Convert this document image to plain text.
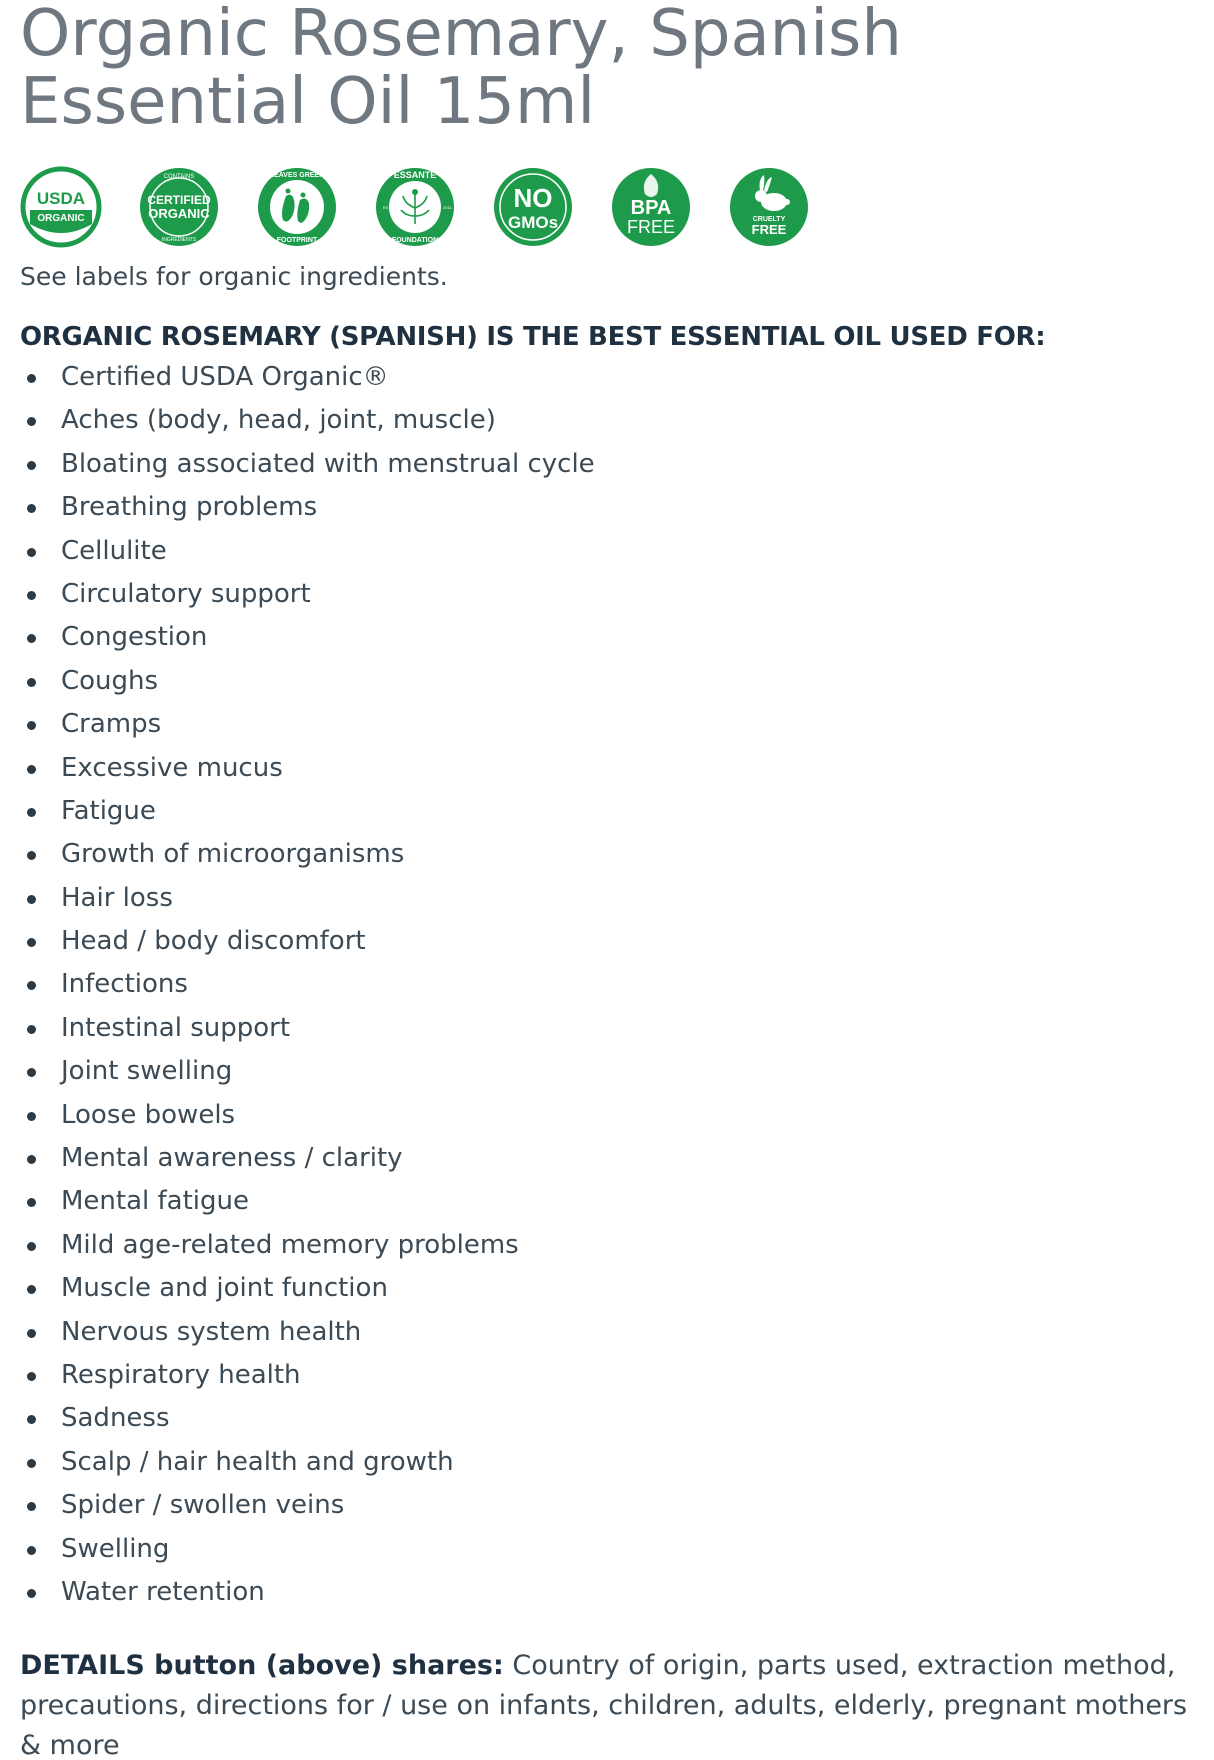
Organic Rosemary, Spanish Essential Oil 15ml
USDA
ORGANIC
CONTAINS
CERTIFIED
ORGANIC
INGREDIENTS
LEAVES GREEN
FOOTPRINT
ESSANTE
EST	2011
FOUNDATION
NO
GMOs
BPA
FREE	CRUELTY
FREE

See labels for organic ingredients.

ORGANIC ROSEMARY (SPANISH) IS THE BEST ESSENTIAL OIL USED FOR:
Certified USDA Organic®
Aches (body, head, joint, muscle)
Bloating associated with menstrual cycle
Breathing problems
Cellulite
Circulatory support
Congestion
Coughs
Cramps
Excessive mucus
Fatigue
Growth of microorganisms
Hair loss
Head / body discomfort
Infections
Intestinal support
Joint swelling
Loose bowels
Mental awareness / clarity
Mental fatigue
Mild age-related memory problems
Muscle and joint function
Nervous system health
Respiratory health
Sadness
Scalp / hair health and growth
Spider / swollen veins
Swelling
Water retention

DETAILS button (above) shares: Country of origin, parts used, extraction method, precautions, directions for / use on infants, children, adults, elderly, pregnant mothers & more
